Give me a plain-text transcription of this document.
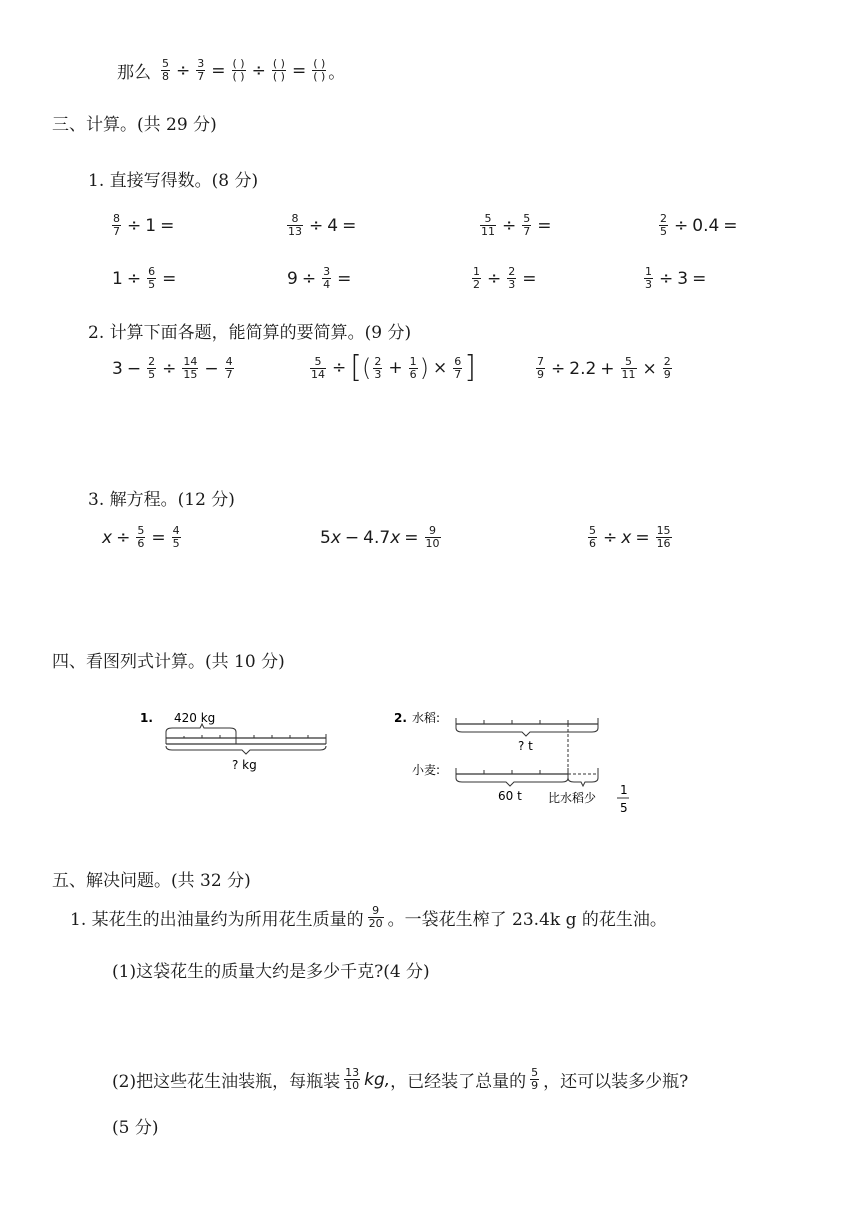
那么 $\frac{5}{8} \div \frac{3}{7} = \frac{( )}{( )} \div \frac{( )}{( )} = \frac{( )}{( )}$ 。
三、计算。(共 29 分)
1. 直接写得数。(8 分)
$\frac{8}{7} \div 1$ =	$\frac{8}{13} \div 4$ =	$\frac{5}{11} \div \frac{5}{7}$ =	$\frac{2}{5} \div 0.4$ =
$1 \div \frac{6}{5}$ =	$9 \div \frac{3}{4}$ =	$\frac{1}{2} \div \frac{2}{3}$ =	$\frac{1}{3} \div 3$ =
2. 计算下面各题，能简算的要简算。(9 分)
$3 - \frac{2}{5} \div \frac{14}{15} - \frac{4}{7}$	$\frac{5}{14}$ ÷ [ ( $\frac{2}{3} + \frac{1}{6}$ ) × $\frac{6}{7}$ ]	$\frac{7}{9} \div 2.2 + \frac{5}{11} \times \frac{2}{9}$
3. 解方程。(12 分)
$x \div \frac{5}{6} = \frac{4}{5}$	5 x − 4.7 $x = \frac{9}{10}$	$\frac{5}{6} \div x = \frac{15}{16}$
四、看图列式计算。(共 10 分)
1. 420 kg
? kg
2. 水稻:
? t
小麦:
60 t 比水稻少
1
5
五、解决问题。(共 32 分)
1. 某花生的出油量约为所用花生质量的 $\frac{9}{20}$ 。一袋花生榨了 23.4k g 的花生油。
(1)这袋花生的质量大约是多少千克?(4 分)
(2)把这些花生油装瓶，每瓶装 $\frac{13}{10}$ kg, ，已经装了总量的 $\frac{5}{9}$ ，还可以装多少瓶?
(5 分)
